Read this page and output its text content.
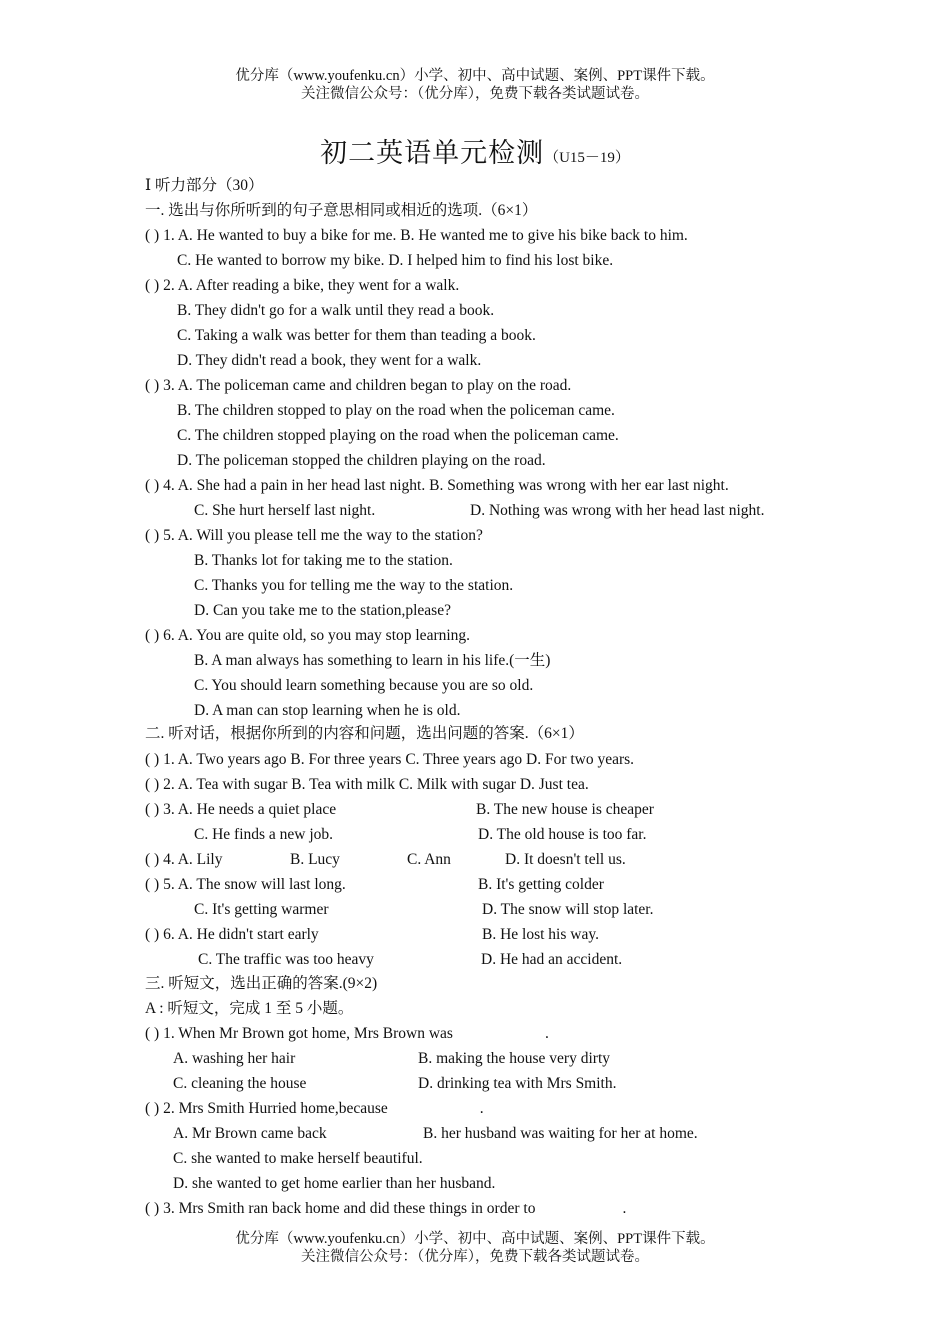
优分库（www.youfenku.cn）小学、初中、高中试题、案例、PPT课件下载。
关注微信公众号：（优分库），免费下载各类试题试卷。
初二英语单元检测（U15－19）
Ⅰ 听力部分（30）
一. 选出与你所听到的句子意思相同或相近的选项.（6×1）
( ) 1. A. He wanted to buy a bike for me. B. He wanted me to give his bike back to him.
C. He wanted to borrow my bike. D. I helped him to find his lost bike.
( ) 2. A. After reading a bike, they went for a walk.
B. They didn't go for a walk until they read a book.
C. Taking a walk was better for them than teading a book.
D. They didn't read a book, they went for a walk.
( ) 3. A. The policeman came and children began to play on the road.
B. The children stopped to play on the road when the policeman came.
C. The children stopped playing on the road when the policeman came.
D. The policeman stopped the children playing on the road.
( ) 4. A. She had a pain in her head last night. B. Something was wrong with her ear last night.
C. She hurt herself last night.	D. Nothing was wrong with her head last night.
( ) 5. A. Will you please tell me the way to the station?
B. Thanks lot for taking me to the station.
C. Thanks you for telling me the way to the station.
D. Can you take me to the station,please?
( ) 6. A. You are quite old, so you may stop learning.
B. A man always has something to learn in his life.(一生)
C. You should learn something because you are so old.
D. A man can stop learning when he is old.
二. 听对话，根据你所到的内容和问题，选出问题的答案.（6×1）
( ) 1. A. Two years ago B. For three years C. Three years ago D. For two years.
( ) 2. A. Tea with sugar B. Tea with milk C. Milk with sugar D. Just tea.
( ) 3. A. He needs a quiet place	B. The new house is cheaper
C. He finds a new job.	D. The old house is too far.
( ) 4. A. Lily	B. Lucy	C. Ann	D. It doesn't tell us.
( ) 5. A. The snow will last long.	B. It's getting colder
C. It's getting warmer	D. The snow will stop later.
( ) 6. A. He didn't start early	B. He lost his way.
C. The traffic was too heavy	D. He had an accident.
三. 听短文，选出正确的答案.(9×2)
A : 听短文，完成 1 至 5 小题。
( ) 1. When Mr Brown got home, Mrs Brown was	.
A. washing her hair	B. making the house very dirty
C. cleaning the house	D. drinking tea with Mrs Smith.
( ) 2. Mrs Smith Hurried home,because	.
A. Mr Brown came back	B. her husband was waiting for her at home.
C. she wanted to make herself beautiful.
D. she wanted to get home earlier than her husband.
( ) 3. Mrs Smith ran back home and did these things in order to	.
优分库（www.youfenku.cn）小学、初中、高中试题、案例、PPT课件下载。
关注微信公众号：（优分库），免费下载各类试题试卷。
